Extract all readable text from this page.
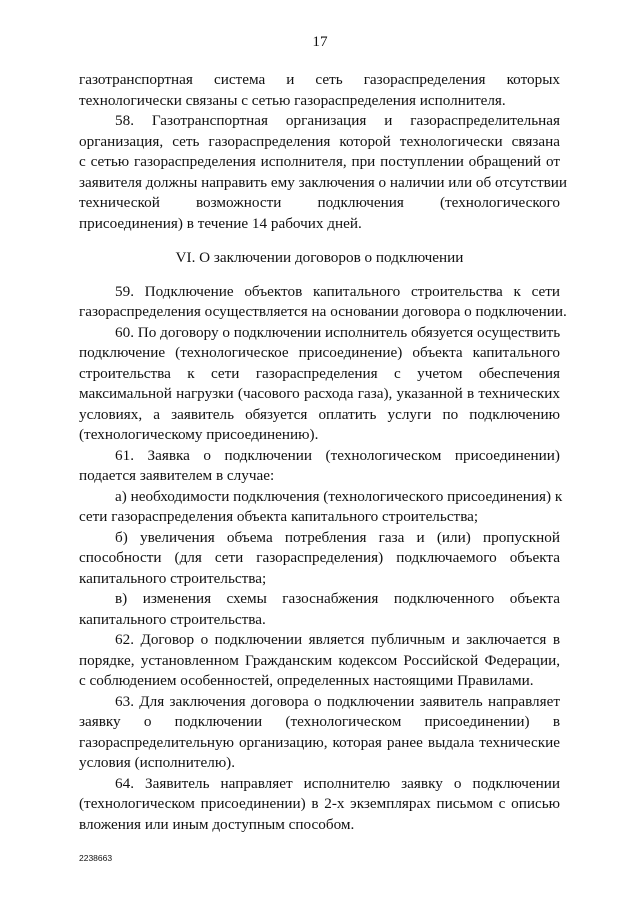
17

газотранспортная система и сеть газораспределения которых
технологически связаны с сетью газораспределения исполнителя.

58. Газотранспортная организация и газораспределительная
организация, сеть газораспределения которой технологически связана
с сетью газораспределения исполнителя, при поступлении обращений от
заявителя должны направить ему заключения о наличии или об отсутствии
технической возможности подключения (технологического
присоединения) в течение 14 рабочих дней.

VI. О заключении договоров о подключении

59. Подключение объектов капитального строительства к сети
газораспределения осуществляется на основании договора о подключении.

60. По договору о подключении исполнитель обязуется осуществить
подключение (технологическое присоединение) объекта капитального
строительства к сети газораспределения с учетом обеспечения
максимальной нагрузки (часового расхода газа), указанной в технических
условиях, а заявитель обязуется оплатить услуги по подключению
(технологическому присоединению).

61. Заявка о подключении (технологическом присоединении)
подается заявителем в случае:

а) необходимости подключения (технологического присоединения) к
сети газораспределения объекта капитального строительства;

б) увеличения объема потребления газа и (или) пропускной
способности (для сети газораспределения) подключаемого объекта
капитального строительства;

в) изменения схемы газоснабжения подключенного объекта
капитального строительства.

62. Договор о подключении является публичным и заключается в
порядке, установленном Гражданским кодексом Российской Федерации,
с соблюдением особенностей, определенных настоящими Правилами.

63. Для заключения договора о подключении заявитель направляет
заявку о подключении (технологическом присоединении) в
газораспределительную организацию, которая ранее выдала технические
условия (исполнителю).

64. Заявитель направляет исполнителю заявку о подключении
(технологическом присоединении) в 2-х экземплярах письмом с описью
вложения или иным доступным способом.

2238663
